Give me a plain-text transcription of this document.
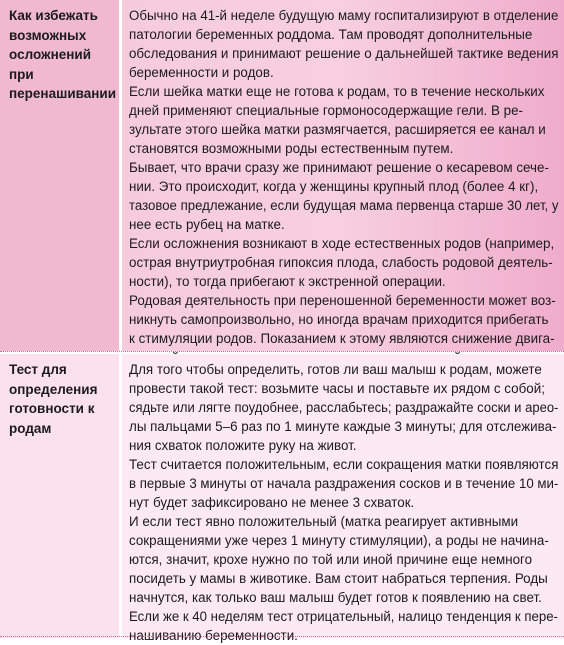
Как избежать возможных осложнений при перенашивании

Обычно на 41-й неделе будущую маму госпитализируют в отделение
патологии беременных роддома. Там проводят дополнительные
обследования и принимают решение о дальнейшей тактике ведения
беременности и родов.
Если шейка матки еще не готова к родам, то в течение нескольких
дней применяют специальные гормоносодержащие гели. В ре-
зультате этого шейка матки размягчается, расширяется ее канал и
становятся возможными роды естественным путем.
Бывает, что врачи сразу же принимают решение о кесаревом сече-
нии. Это происходит, когда у женщины крупный плод (более 4 кг),
тазовое предлежание, если будущая мама первенца старше 30 лет, у
нее есть рубец на матке.
Если осложнения возникают в ходе естественных родов (например,
острая внутриутробная гипоксия плода, слабость родовой деятель-
ности), то тогда прибегают к экстренной операции.
Родовая деятельность при переношенной беременности может воз-
никнуть самопроизвольно, но иногда врачам приходится прибегать
к стимуляции родов. Показанием к этому являются снижение двига-

Тест для определения готовности к родам

Для того чтобы определить, готов ли ваш малыш к родам, можете
провести такой тест: возьмите часы и поставьте их рядом с собой;
сядьте или лягте поудобнее, расслабьтесь; раздражайте соски и арео-
лы пальцами 5–6 раз по 1 минуте каждые 3 минуты; для отслежива-
ния схваток положите руку на живот.
Тест считается положительным, если сокращения матки появляются
в первые 3 минуты от начала раздражения сосков и в течение 10 ми-
нут будет зафиксировано не менее 3 схваток.
И если тест явно положительный (матка реагирует активными
сокращениями уже через 1 минуту стимуляции), а роды не начина-
ются, значит, крохе нужно по той или иной причине еще немного
посидеть у мамы в животике. Вам стоит набраться терпения. Роды
начнутся, как только ваш малыш будет готов к появлению на свет.
Если же к 40 неделям тест отрицательный, налицо тенденция к пере-
нашиванию беременности.
